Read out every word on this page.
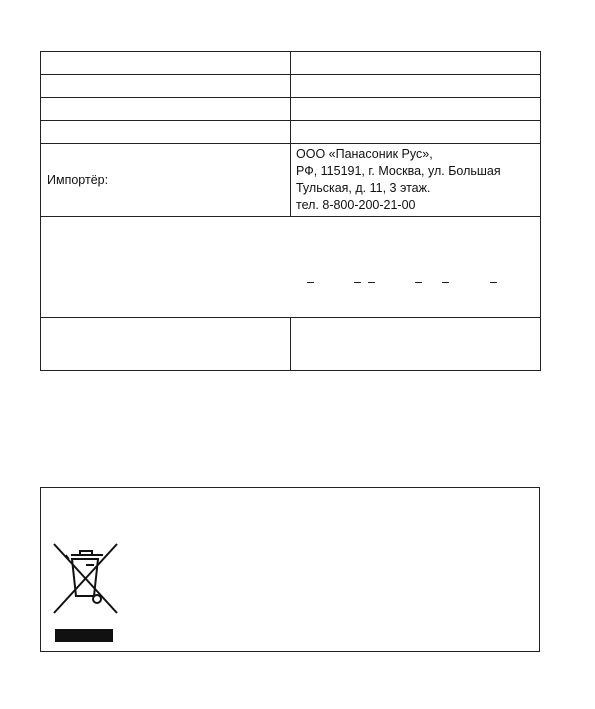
Импортёр:	ООО «Панасоник Рус»,
РФ, 115191, г. Москва, ул. Большая
Тульская, д. 11, 3 этаж.
тел. 8-800-200-21-00
